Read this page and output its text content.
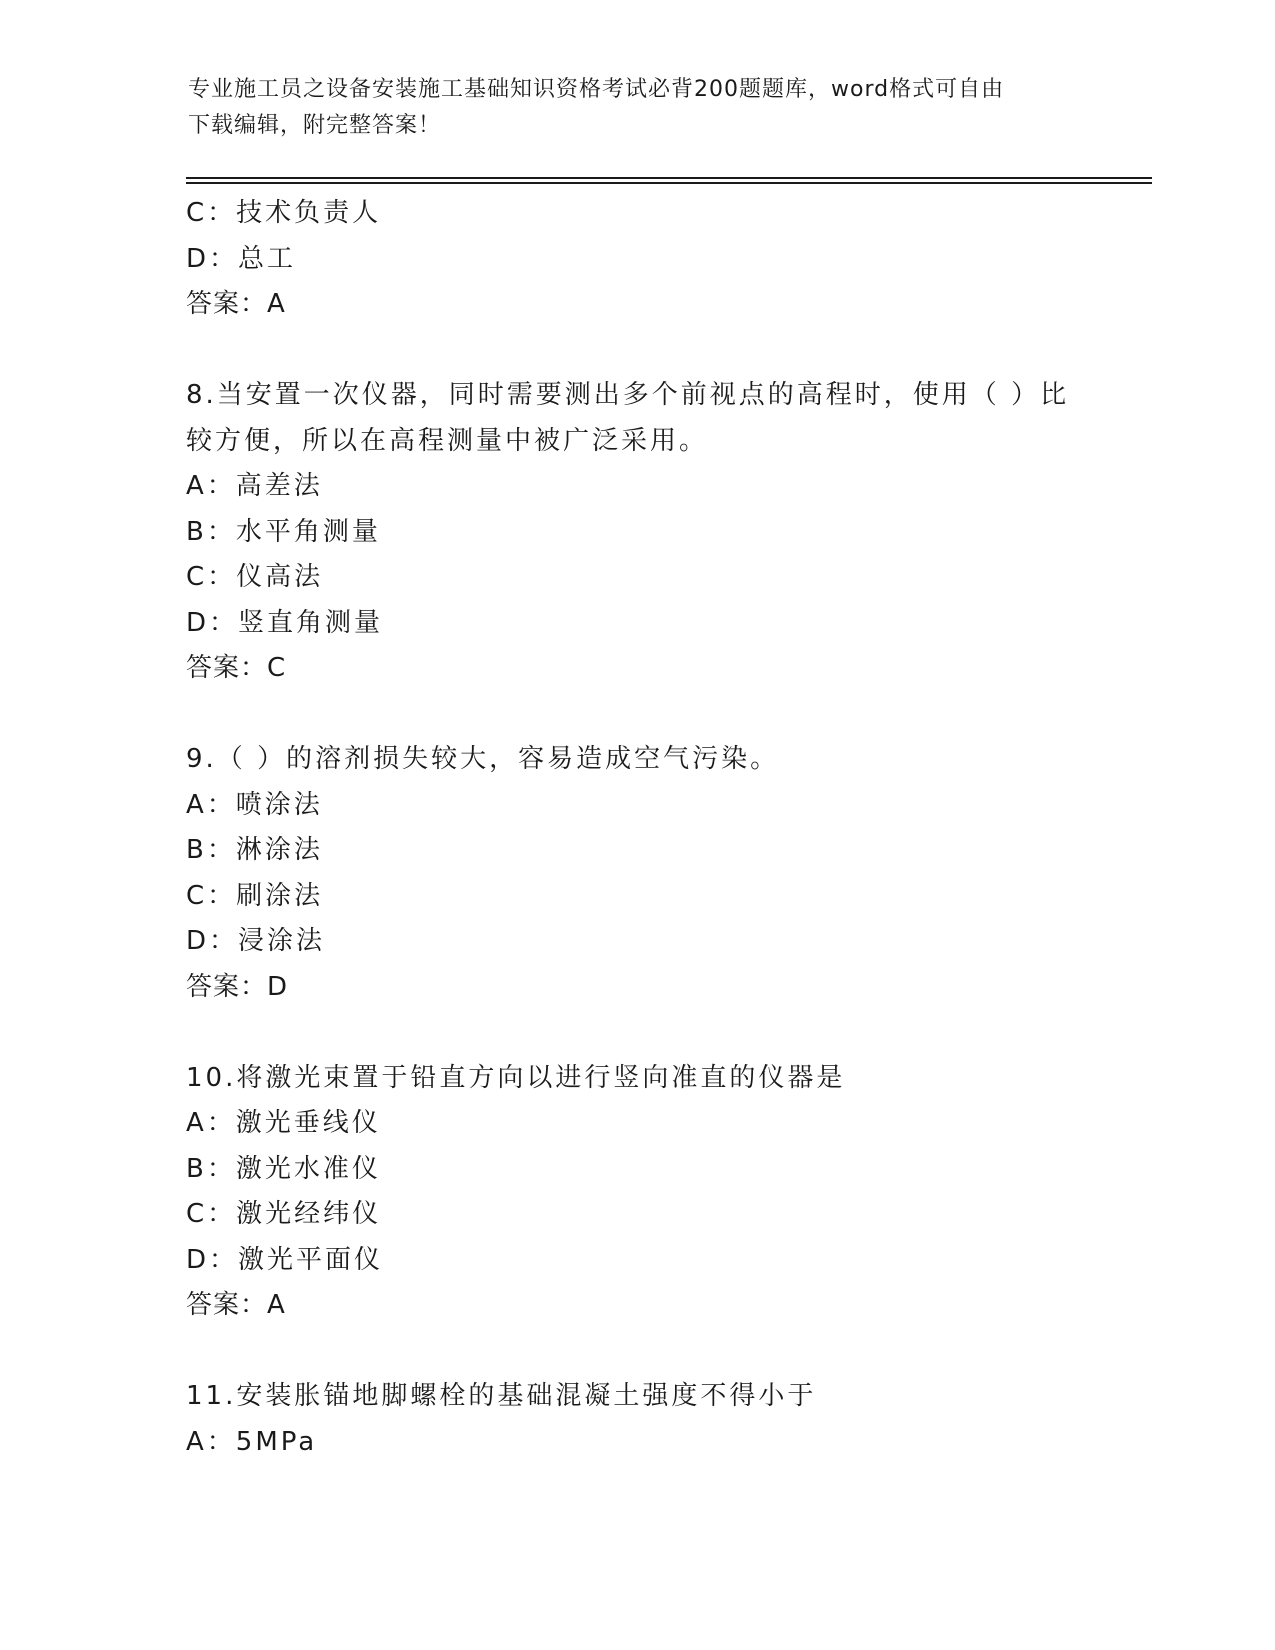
专业施工员之设备安装施工基础知识资格考试必背200题题库，word格式可自由
下载编辑，附完整答案！
C：技术负责人
D：总工
答案：A
8.当安置一次仪器，同时需要测出多个前视点的高程时，使用（ ）比
较方便，所以在高程测量中被广泛采用。
A：高差法
B：水平角测量
C：仪高法
D：竖直角测量
答案：C
9.（ ）的溶剂损失较大，容易造成空气污染。
A：喷涂法
B：淋涂法
C：刷涂法
D：浸涂法
答案：D
10.将激光束置于铅直方向以进行竖向准直的仪器是
A：激光垂线仪
B：激光水准仪
C：激光经纬仪
D：激光平面仪
答案：A
11.安装胀锚地脚螺栓的基础混凝土强度不得小于
A：5MPa
